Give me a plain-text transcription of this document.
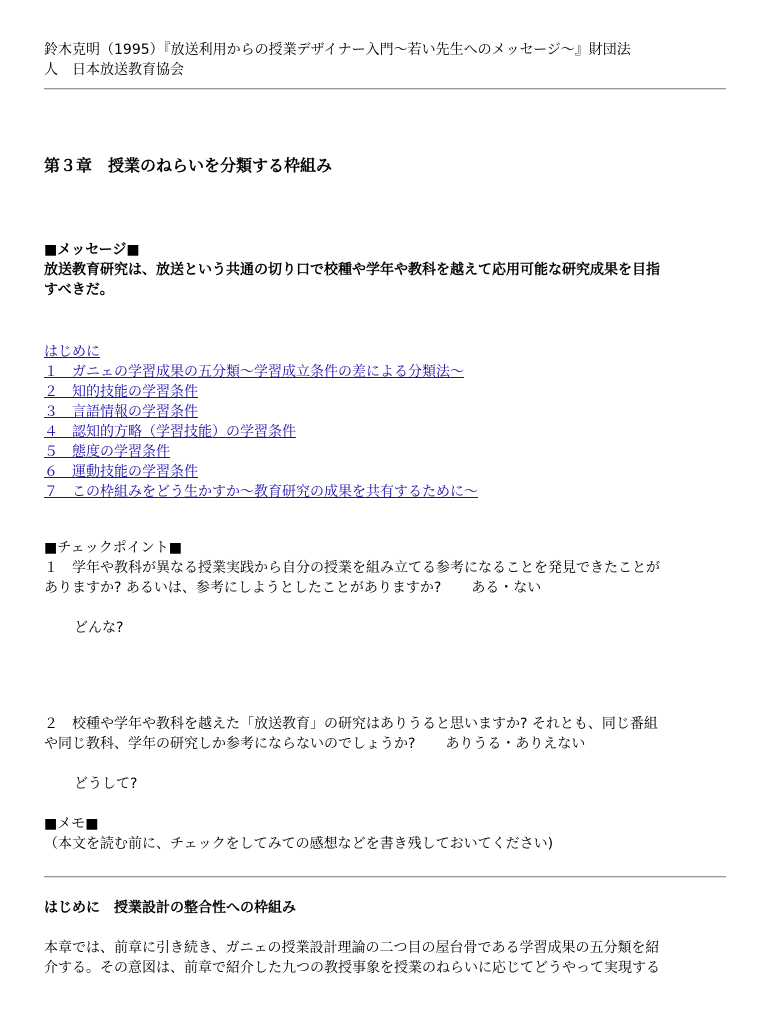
鈴木克明（1995）『放送利用からの授業デザイナー入門～若い先生へのメッセージ～』財団法

人　日本放送教育協会

第３章　授業のねらいを分類する枠組み

■メッセージ■

放送教育研究は、放送という共通の切り口で校種や学年や教科を越えて応用可能な研究成果を目指

すべきだ。

はじめに
１　ガニェの学習成果の五分類～学習成立条件の差による分類法～
２　知的技能の学習条件
３　言語情報の学習条件
４　認知的方略（学習技能）の学習条件
５　態度の学習条件
６　運動技能の学習条件
７　この枠組みをどう生かすか～教育研究の成果を共有するために～

■チェックポイント■

１　学年や教科が異なる授業実践から自分の授業を組み立てる参考になることを発見できたことが

ありますか? あるいは、参考にしようとしたことがありますか? ある・ない

どんな?

２　校種や学年や教科を越えた「放送教育」の研究はありうると思いますか? それとも、同じ番組

や同じ教科、学年の研究しか参考にならないのでしょうか? ありうる・ありえない

どうして?

■メモ■

（本文を読む前に、チェックをしてみての感想などを書き残しておいてください)

はじめに　授業設計の整合性への枠組み

本章では、前章に引き続き、ガニェの授業設計理論の二つ目の屋台骨である学習成果の五分類を紹

介する。その意図は、前章で紹介した九つの教授事象を授業のねらいに応じてどうやって実現する
